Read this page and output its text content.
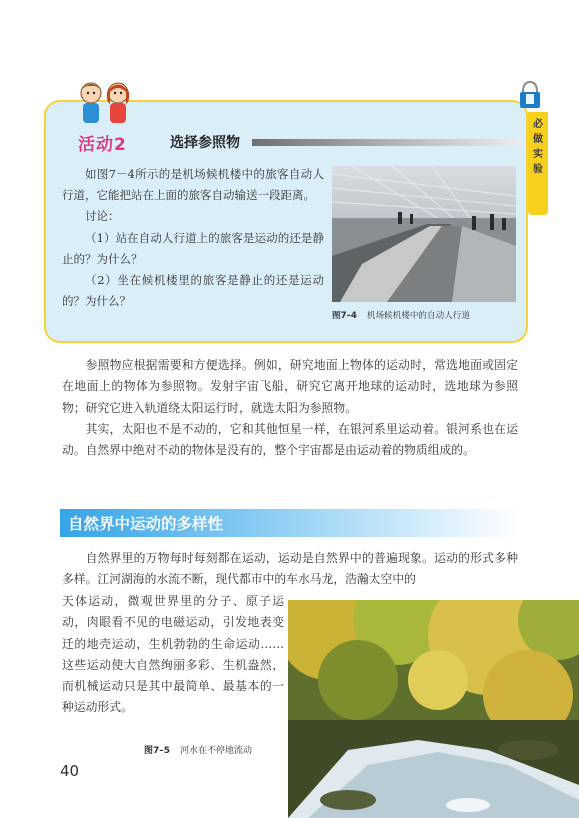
活动2	选择参照物

如图7－4所示的是机场候机楼中的旅客自动人行道，它能把站在上面的旅客自动输送一段距离。

讨论：

（1）站在自动人行道上的旅客是运动的还是静止的？为什么？

（2）坐在候机楼里的旅客是静止的还是运动的？为什么？

图7–4 机场候机楼中的自动人行道

必做实验

参照物应根据需要和方便选择。例如，研究地面上物体的运动时，常选地面或固定在地面上的物体为参照物。发射宇宙飞船，研究它离开地球的运动时，选地球为参照物；研究它进入轨道绕太阳运行时，就选太阳为参照物。

其实，太阳也不是不动的，它和其他恒星一样，在银河系里运动着。银河系也在运动。自然界中绝对不动的物体是没有的，整个宇宙都是由运动着的物质组成的。

自然界中运动的多样性

自然界里的万物每时每刻都在运动，运动是自然界中的普遍现象。运动的形式多种多样。江河湖海的水流不断，现代都市中的车水马龙，浩瀚太空中的

天体运动，微观世界里的分子、原子运动，肉眼看不见的电磁运动，引发地表变迁的地壳运动，生机勃勃的生命运动……这些运动使大自然绚丽多彩、生机盎然，而机械运动只是其中最简单、最基本的一种运动形式。

图7–5 河水在不停地流动

40
